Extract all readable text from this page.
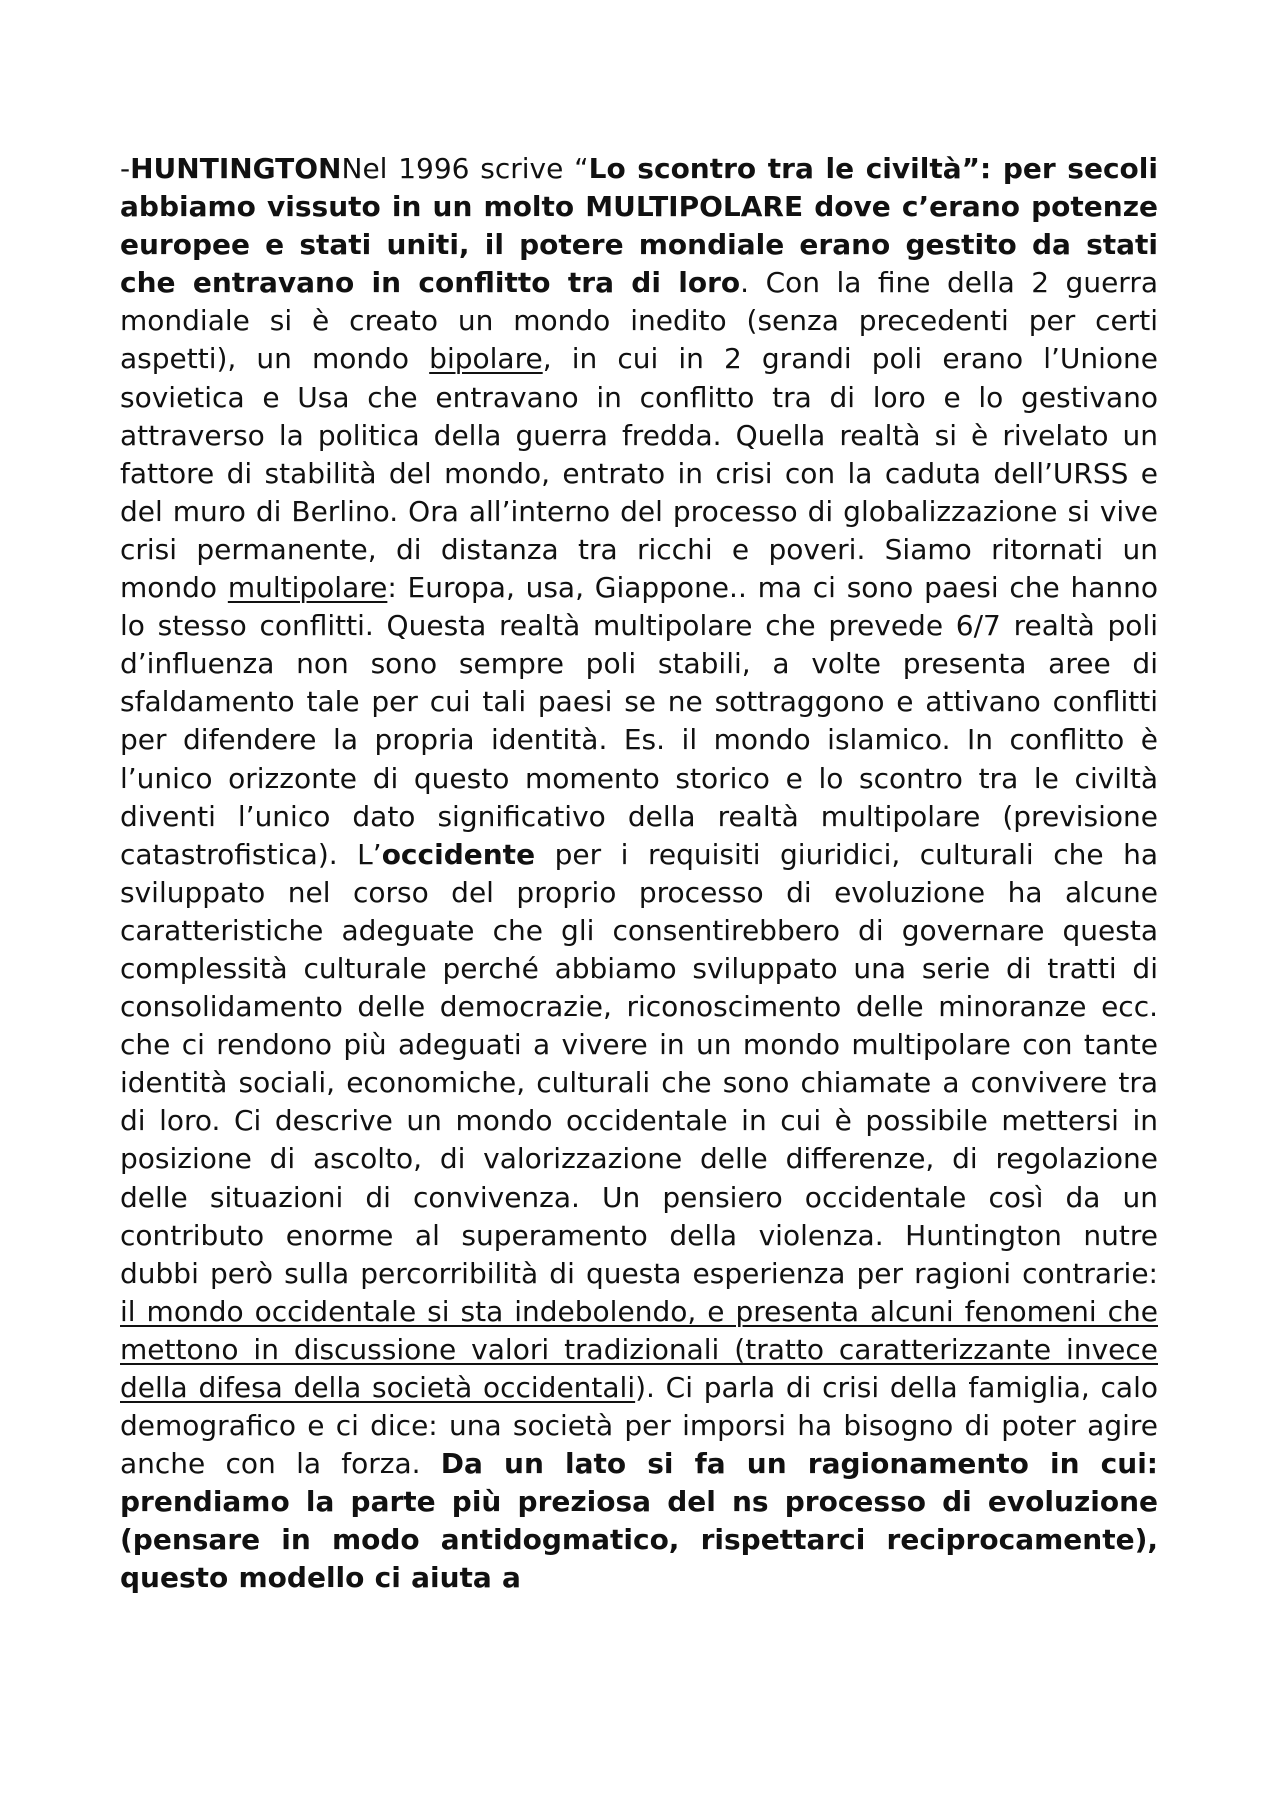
-HUNTINGTONNel 1996 scrive “Lo scontro tra le civiltà”: per secoli abbiamo vissuto in un molto MULTIPOLARE dove c’erano potenze europee e stati uniti, il potere mondiale erano gestito da stati che entravano in conflitto tra di loro. Con la fine della 2 guerra mondiale si è creato un mondo inedito (senza precedenti per certi aspetti), un mondo bipolare, in cui in 2 grandi poli erano l’Unione sovietica e Usa che entravano in conflitto tra di loro e lo gestivano attraverso la politica della guerra fredda. Quella realtà si è rivelato un fattore di stabilità del mondo, entrato in crisi con la caduta dell’URSS e del muro di Berlino. Ora all’interno del processo di globalizzazione si vive crisi permanente, di distanza tra ricchi e poveri. Siamo ritornati un mondo multipolare: Europa, usa, Giappone.. ma ci sono paesi che hanno lo stesso conflitti. Questa realtà multipolare che prevede 6/7 realtà poli d’influenza non sono sempre poli stabili, a volte presenta aree di sfaldamento tale per cui tali paesi se ne sottraggono e attivano conflitti per difendere la propria identità. Es. il mondo islamico. In conflitto è l’unico orizzonte di questo momento storico e lo scontro tra le civiltà diventi l’unico dato significativo della realtà multipolare (previsione catastrofistica). L’occidente per i requisiti giuridici, culturali che ha sviluppato nel corso del proprio processo di evoluzione ha alcune caratteristiche adeguate che gli consentirebbero di governare questa complessità culturale perché abbiamo sviluppato una serie di tratti di consolidamento delle democrazie, riconoscimento delle minoranze ecc. che ci rendono più adeguati a vivere in un mondo multipolare con tante identità sociali, economiche, culturali che sono chiamate a convivere tra di loro. Ci descrive un mondo occidentale in cui è possibile mettersi in posizione di ascolto, di valorizzazione delle differenze, di regolazione delle situazioni di convivenza. Un pensiero occidentale così da un contributo enorme al superamento della violenza. Huntington nutre dubbi però sulla percorribilità di questa esperienza per ragioni contrarie: il mondo occidentale si sta indebolendo, e presenta alcuni fenomeni che mettono in discussione valori tradizionali (tratto caratterizzante invece della difesa della società occidentali). Ci parla di crisi della famiglia, calo demografico e ci dice: una società per imporsi ha bisogno di poter agire anche con la forza. Da un lato si fa un ragionamento in cui: prendiamo la parte più preziosa del ns processo di evoluzione (pensare in modo antidogmatico, rispettarci reciprocamente), questo modello ci aiuta a
